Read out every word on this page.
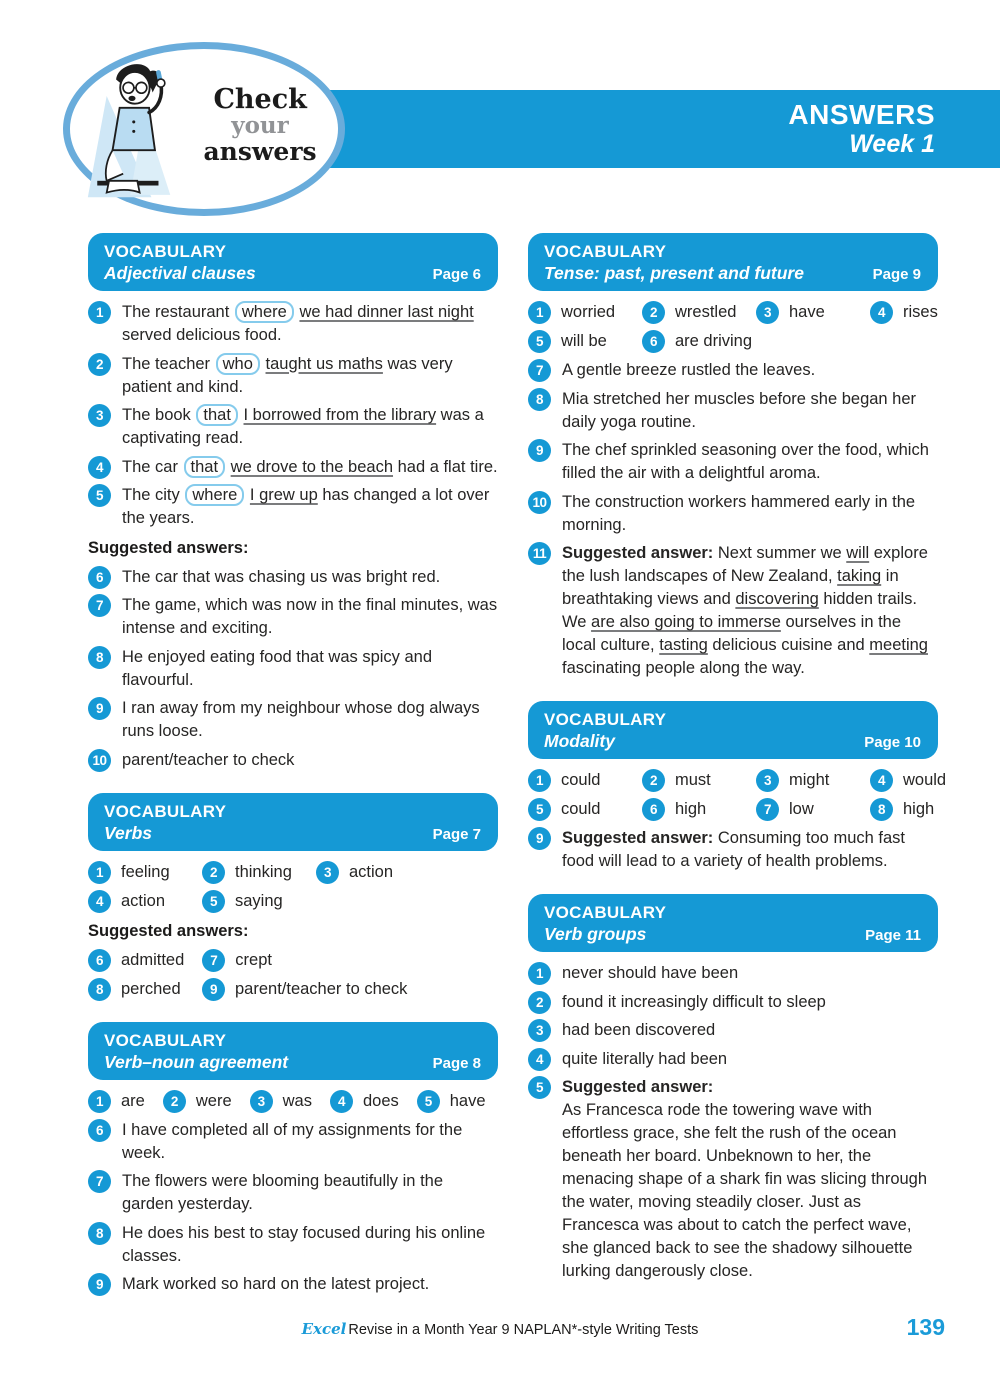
ANSWERS
Week 1
Check
your
answers
VOCABULARY
Adjectival clauses	Page 6
1	The restaurant where we had dinner last night served delicious food.
2	The teacher who taught us maths was very patient and kind.
3	The book that I borrowed from the library was a captivating read.
4	The car that we drove to the beach had a flat tire.
5	The city where I grew up has changed a lot over the years.
Suggested answers:
6	The car that was chasing us was bright red.
7	The game, which was now in the final minutes, was intense and exciting.
8	He enjoyed eating food that was spicy and flavourful.
9	I ran away from my neighbour whose dog always runs loose.
10 parent/teacher to check
VOCABULARY
Verbs	Page 7
1	feeling	2	thinking	3	action
4	action	5	saying
Suggested answers:
6	admitted	7	crept
8	perched	9	parent/teacher to check
VOCABULARY
Verb–noun agreement	Page 8
1	are	2	were	3	was	4	does	5	have
6	I have completed all of my assignments for the week.
7	The flowers were blooming beautifully in the garden yesterday.
8	He does his best to stay focused during his online classes.
9	Mark worked so hard on the latest project.
VOCABULARY
Tense: past, present and future	Page 9
1	worried	2	wrestled	3	have	4	rises
5	will be	6	are driving
7	A gentle breeze rustled the leaves.
8	Mia stretched her muscles before she began her daily yoga routine.
9	The chef sprinkled seasoning over the food, which filled the air with a delightful aroma.
10 The construction workers hammered early in the morning.
11 Suggested answer: Next summer we will explore the lush landscapes of New Zealand, taking in breathtaking views and discovering hidden trails. We are also going to immerse ourselves in the local culture, tasting delicious cuisine and meeting fascinating people along the way.
VOCABULARY
Modality	Page 10
1	could	2	must	3	might	4	would
5	could	6	high	7	low	8	high
9	Suggested answer: Consuming too much fast food will lead to a variety of health problems.
VOCABULARY
Verb groups	Page 11
1	never should have been
2	found it increasingly difficult to sleep
3	had been discovered
4	quite literally had been
5	Suggested answer:
As Francesca rode the towering wave with effortless grace, she felt the rush of the ocean beneath her board. Unbeknown to her, the menacing shape of a shark fin was slicing through the water, moving steadily closer. Just as Francesca was about to catch the perfect wave, she glanced back to see the shadowy silhouette lurking dangerously close.
Excel Revise in a Month Year 9 NAPLAN*-style Writing Tests	139
